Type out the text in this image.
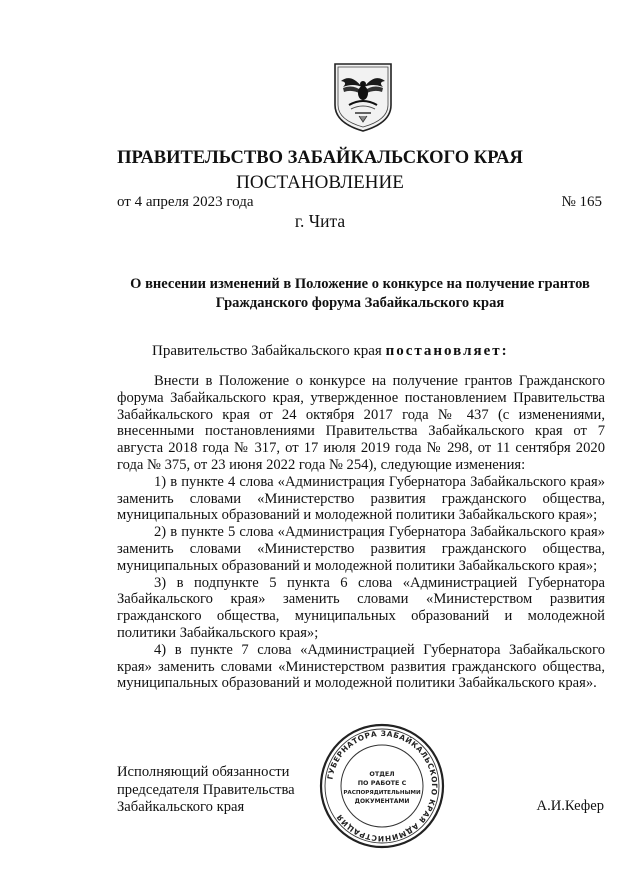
ПРАВИТЕЛЬСТВО ЗАБАЙКАЛЬСКОГО КРАЯ
ПОСТАНОВЛЕНИЕ
от 4 апреля 2023 года	№ 165
г. Чита
О внесении изменений в Положение о конкурсе на получение грантов
Гражданского форума Забайкальского края
Правительство Забайкальского края постановляет:

Внести в Положение о конкурсе на получение грантов Гражданского форума Забайкальского края, утвержденное постановлением Правительства Забайкальского края от 24 октября 2017 года № 437 (с изменениями, внесенными постановлениями Правительства Забайкальского края от 7 августа 2018 года № 317, от 17 июля 2019 года № 298, от 11 сентября 2020 года № 375, от 23 июня 2022 года № 254), следующие изменения:

1) в пункте 4 слова «Администрация Губернатора Забайкальского края» заменить словами «Министерство развития гражданского общества, муниципальных образований и молодежной политики Забайкальского края»;

2) в пункте 5 слова «Администрация Губернатора Забайкальского края» заменить словами «Министерство развития гражданского общества, муниципальных образований и молодежной политики Забайкальского края»;

3) в подпункте 5 пункта 6 слова «Администрацией Губернатора Забайкальского края» заменить словами «Министерством развития гражданского общества, муниципальных образований и молодежной политики Забайкальского края»;

4) в пункте 7 слова «Администрацией Губернатора Забайкальского края» заменить словами «Министерством развития гражданского общества, муниципальных образований и молодежной политики Забайкальского края».

Исполняющий обязанности
председателя Правительства
Забайкальского края
ГУБЕРНАТОРА ЗАБАЙКАЛЬСКОГО КРАЯ АДМИНИСТРАЦИЯ
ОТДЕЛ
ПО РАБОТЕ С
РАСПОРЯДИТЕЛЬНЫМИ
ДОКУМЕНТАМИ	А.И.Кефер
